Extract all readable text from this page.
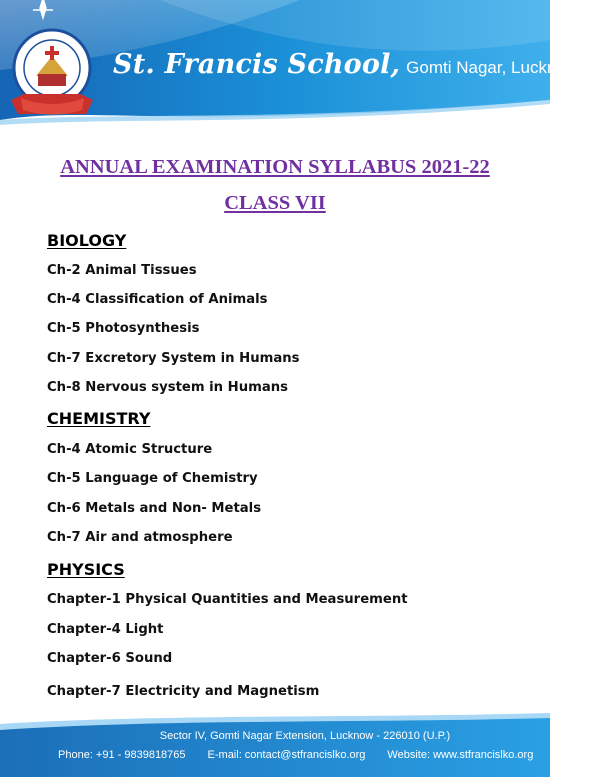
St. Francis School, Gomti Nagar, Lucknow
ANNUAL EXAMINATION SYLLABUS 2021-22
CLASS VII
BIOLOGY
Ch-2 Animal Tissues
Ch-4 Classification of Animals
Ch-5 Photosynthesis
Ch-7 Excretory System in Humans
Ch-8 Nervous system in Humans
CHEMISTRY
Ch-4 Atomic Structure
Ch-5 Language of Chemistry
Ch-6 Metals and Non- Metals
Ch-7 Air and atmosphere
PHYSICS
Chapter-1 Physical Quantities and Measurement
Chapter-4 Light
Chapter-6 Sound
Chapter-7 Electricity and Magnetism
Sector IV, Gomti Nagar Extension, Lucknow - 226010 (U.P.)
Phone: +91 - 9839818765 E-mail: contact@stfrancislko.org Website: www.stfrancislko.org
